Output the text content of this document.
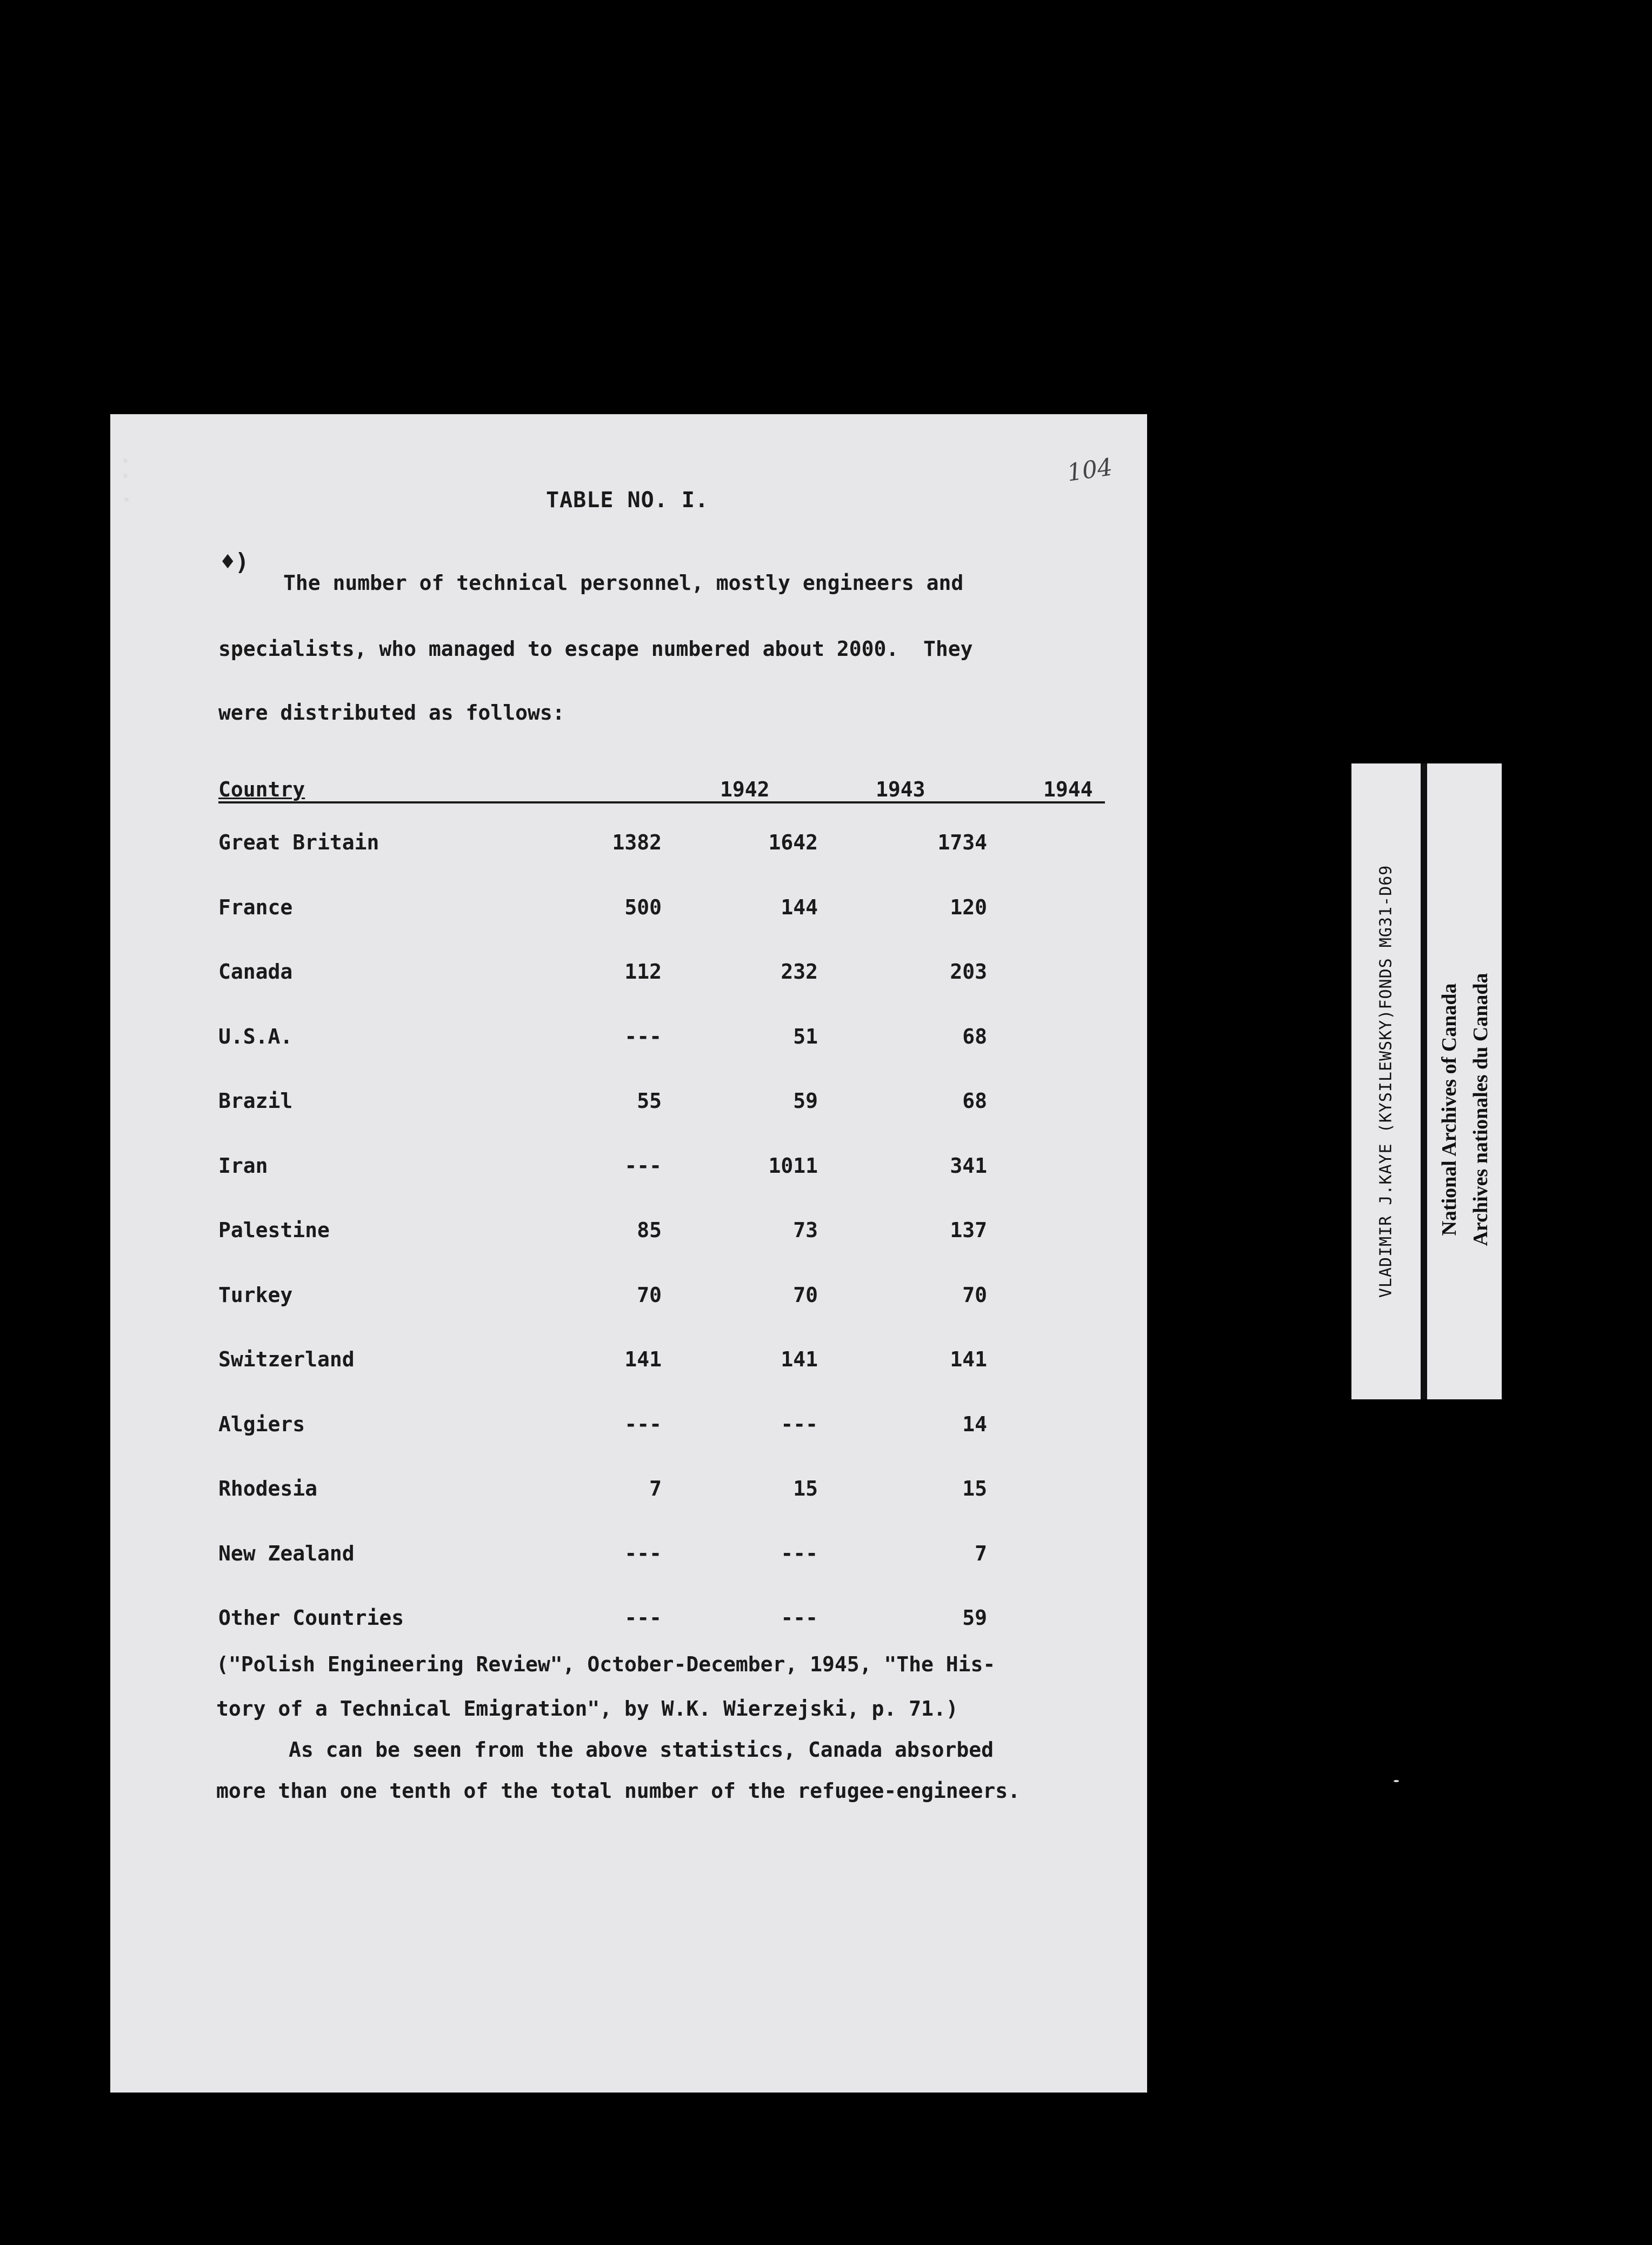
104
TABLE NO. I.
♦)
The number of technical personnel, mostly engineers and
specialists, who managed to escape numbered about 2000.  They
were distributed as follows:
Country	1942	1943	1944
Great Britain	1382	1642	1734
France	500	144	120
Canada	112	232	203
U.S.A.	---	51	68
Brazil	55	59	68
Iran	---	1011	341
Palestine	85	73	137
Turkey	70	70	70
Switzerland	141	141	141
Algiers	---	---	14
Rhodesia	7	15	15
New Zealand	---	---	7
Other Countries	---	---	59
("Polish Engineering Review", October-December, 1945, "The His-
tory of a Technical Emigration", by W.K. Wierzejski, p. 71.)
As can be seen from the above statistics, Canada absorbed
more than one tenth of the total number of the refugee-engineers.
VLADIMIR J.KAYE (KYSILEWSKY)FONDS MG31-D69 National Archives of Canada Archives nationales du Canada
